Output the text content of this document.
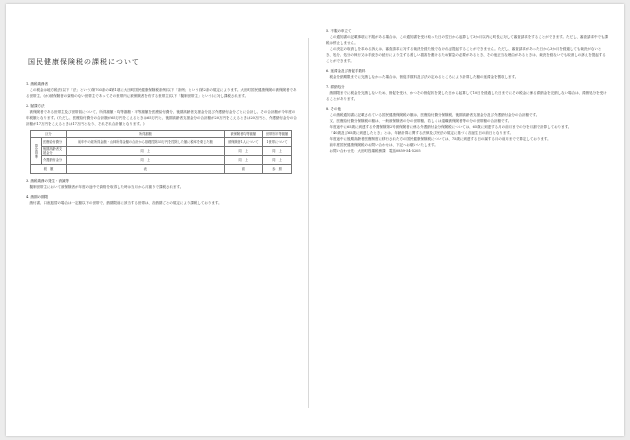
国民健康保険税の課税について
1. 納税義務者
この税金は地方税法(以下「法」という)第703条の4第1項に大田町国民健康保険税条例(以下「条例」という)第2条の規定によります。大田町国民健康保険の被保険者である世帯主、(か)被保険者の資格のない世帯主であってその世帯内に被保険者を有する世帯主(以下「擬制世帯主」という)に対し課税されます。
2. 賦課方法
被保険者である世帯主及び世帯員について、所得割額・均等割額・平等割額を医療給付費分、後期高齢者支援金分及び介護納付金分ごとに合計し、その合計額が今年度の年税額となります。(ただし、医療給付費分の合計額が65万円をこえるときは65万円と、後期高齢者支援金分の合計額が20万円をこえるときは20万円と、介護納付金分の合計額が17万円をこえるときは17万円となり、それぞれ合計額となります。)
区分		所得割額	被保険者均等割額	世帯別平等割額
算定基準	医療給付費分	前年中の総所得金額・山林所得金額の合計から基礎控除33万円を控除した額に税率を乗じた額	被保険者1人について	1世帯について
	後期高齢者支援金分	同　上	同　上	同　上
	介護納付金分	同　上	同　上	同　上
税　額		表	面	参　 照
3. 納税義務の発生・消滅等
擬制世帯主において被保険者が年度の途中で資格を取得した時は当月から月割りで課税されます。
4. 納期の期限
納付書、口座振替の場合は一定額以下の世帯で、納期限前に該当する世帯は、各納期ごとの規定により課税しております。
5. 不服の申立て
この通知書の記載事項に不服がある場合は、この通知書を受け取った日の翌日から起算して3か月以内に町長に対して審査請求をすることができます。ただし、審査請求中でも課税は停止しません。
この決定の取消しを求める訴えは、審査請求に対する裁決を経た後でなければ提起することができません。ただし、審査請求があった日から3か月を経過しても裁決がないとき、処分、処分の執行又は手続きの続行により生ずる著しい損害を避けるため緊急の必要があるとき、その他正当な理由があるときは、裁決を経ないでも取消しの訴えを提起することができます。
6. 延滞金及び督促手数料
税金を納期限までに完納しなかった場合は、督促手数料及び法の定めるところにより計算した額の延滞金を徴収します。
7. 滞納処分
納期限までに税金を完納しないため、督促を受け、かつその督促状を発した日から起算して10日を経過した日までにその税金に係る滞納金を完納しない場合は、滞納処分を受けることがあります。
8. その他
この納税通知書に記載されている国民健康保険税の額は、医療給付費分保険税、後期高齢者支援金分及び介護納付金分の合計額です。
又、医療給付費分保険税の額は、一般被保険者の分の世帯額、若しくは退職被保険者等の分の世帯額の合計額です。
年度途中に65歳に到達する介護保険第2号被保険者に係る介護納付金分保険税については、65歳に到達する月の前月までの分を月割で計算しております。
「40歳及び65歳に到達したとき」とは、年齢計算に関する法律及び民法の規定に基づく各誕生日の前日となります。
年度途中に後期高齢者医療制度に移行された方の国民健康保険税については、75歳に到達する日の属する月の前月までで算定しております。
前年度国民健康保険税のお問い合わせは、下記へお願いいたします。
お問い合わせ先：大田町役場税務課　電話0859-54-5205
